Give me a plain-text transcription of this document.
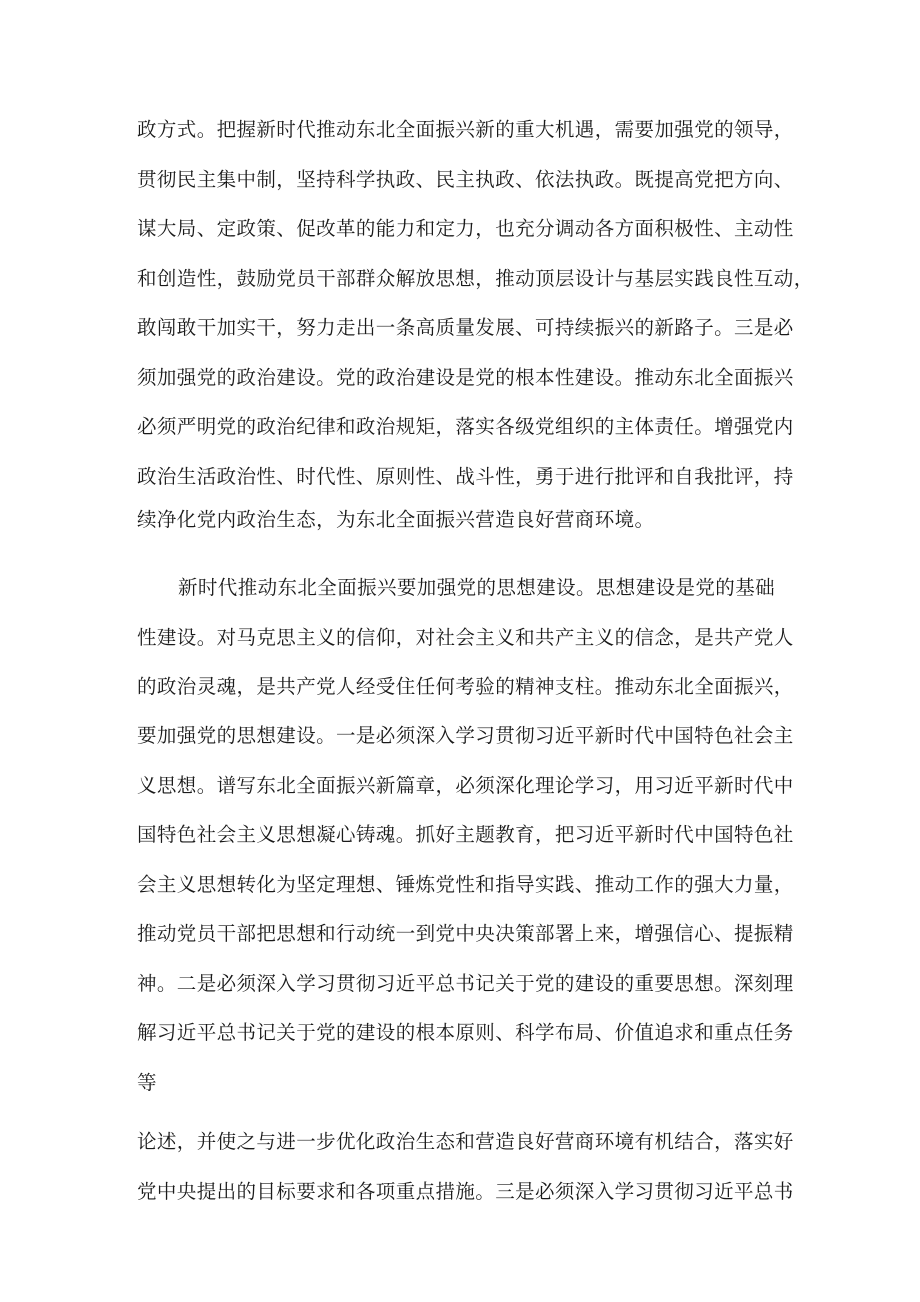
政方式。把握新时代推动东北全面振兴新的重大机遇，需要加强党的领导，
贯彻民主集中制，坚持科学执政、民主执政、依法执政。既提高党把方向、
谋大局、定政策、促改革的能力和定力，也充分调动各方面积极性、主动性
和创造性，鼓励党员干部群众解放思想，推动顶层设计与基层实践良性互动，
敢闯敢干加实干，努力走出一条高质量发展、可持续振兴的新路子。三是必
须加强党的政治建设。党的政治建设是党的根本性建设。推动东北全面振兴
必须严明党的政治纪律和政治规矩，落实各级党组织的主体责任。增强党内
政治生活政治性、时代性、原则性、战斗性，勇于进行批评和自我批评，持
续净化党内政治生态，为东北全面振兴营造良好营商环境。
新时代推动东北全面振兴要加强党的思想建设。思想建设是党的基础
性建设。对马克思主义的信仰，对社会主义和共产主义的信念，是共产党人
的政治灵魂，是共产党人经受住任何考验的精神支柱。推动东北全面振兴，
要加强党的思想建设。一是必须深入学习贯彻习近平新时代中国特色社会主
义思想。谱写东北全面振兴新篇章，必须深化理论学习，用习近平新时代中
国特色社会主义思想凝心铸魂。抓好主题教育，把习近平新时代中国特色社
会主义思想转化为坚定理想、锤炼党性和指导实践、推动工作的强大力量，
推动党员干部把思想和行动统一到党中央决策部署上来，增强信心、提振精
神。二是必须深入学习贯彻习近平总书记关于党的建设的重要思想。深刻理
解习近平总书记关于党的建设的根本原则、科学布局、价值追求和重点任务
等
论述，并使之与进一步优化政治生态和营造良好营商环境有机结合，落实好
党中央提出的目标要求和各项重点措施。三是必须深入学习贯彻习近平总书
